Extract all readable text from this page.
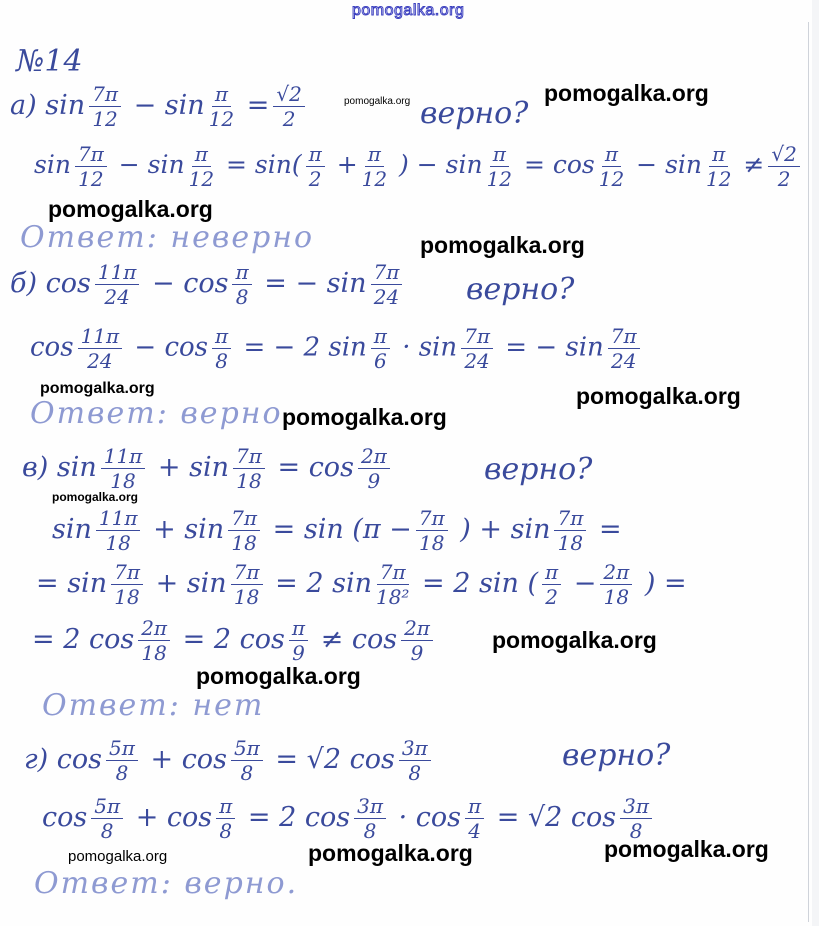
pomogalka.org
№14
а) $\sin \frac{7\pi}{12} - \sin \frac{\pi}{12} = \frac{√2}{2}$	верно?
$\sin \frac{7\pi}{12} - \sin \frac{\pi}{12} = \sin( \frac{\pi}{2} + \frac{\pi}{12}$ ) − $\sin \frac{\pi}{12} = \cos \frac{\pi}{12} - \sin \frac{\pi}{12} \ne \frac{√2}{2}$
Ответ: неверно
б) $\cos \frac{11\pi}{24} - \cos \frac{\pi}{8}$ = − $\sin \frac{7\pi}{24}$ верно?
$\cos \frac{11\pi}{24} - \cos \frac{\pi}{8}$ = − 2 $\sin \frac{\pi}{6} \cdot \sin \frac{7\pi}{24}$ = − $\sin \frac{7\pi}{24}$
Ответ: верно
в) $\sin \frac{11\pi}{18} + \sin \frac{7\pi}{18} = \cos \frac{2\pi}{9}$	верно?
$\sin \frac{11\pi}{18} + \sin \frac{7\pi}{18} = \sin (\pi - \frac{7\pi}{18}$ ) + $\sin \frac{7\pi}{18}$ =
= $\sin \frac{7\pi}{18} + \sin \frac{7\pi}{18} = 2$ $\sin \frac{7\pi}{\text{18²}} = 2$ sin ( $\frac{\pi}{2} - \frac{2\pi}{18}$ ) =
= 2 $\cos \frac{2\pi}{18} = 2$ $\cos \frac{\pi}{9} \ne \cos \frac{2\pi}{9}$
Ответ: нет
г) $\cos \frac{5\pi}{8} + \cos \frac{5\pi}{8} = √2$ $\cos \frac{3\pi}{8}$	верно?
$\cos \frac{5\pi}{8} + \cos \frac{\pi}{8} = 2$ $\cos \frac{3\pi}{8} \cdot \cos \frac{\pi}{4} = √2$ $\cos \frac{3\pi}{8}$
Ответ: верно.
pomogalka.org
pomogalka.org
pomogalka.org
pomogalka.org
pomogalka.org	pomogalka.org
pomogalka.org
pomogalka.org
pomogalka.org
pomogalka.org
pomogalka.org	pomogalka.org
pomogalka.org
